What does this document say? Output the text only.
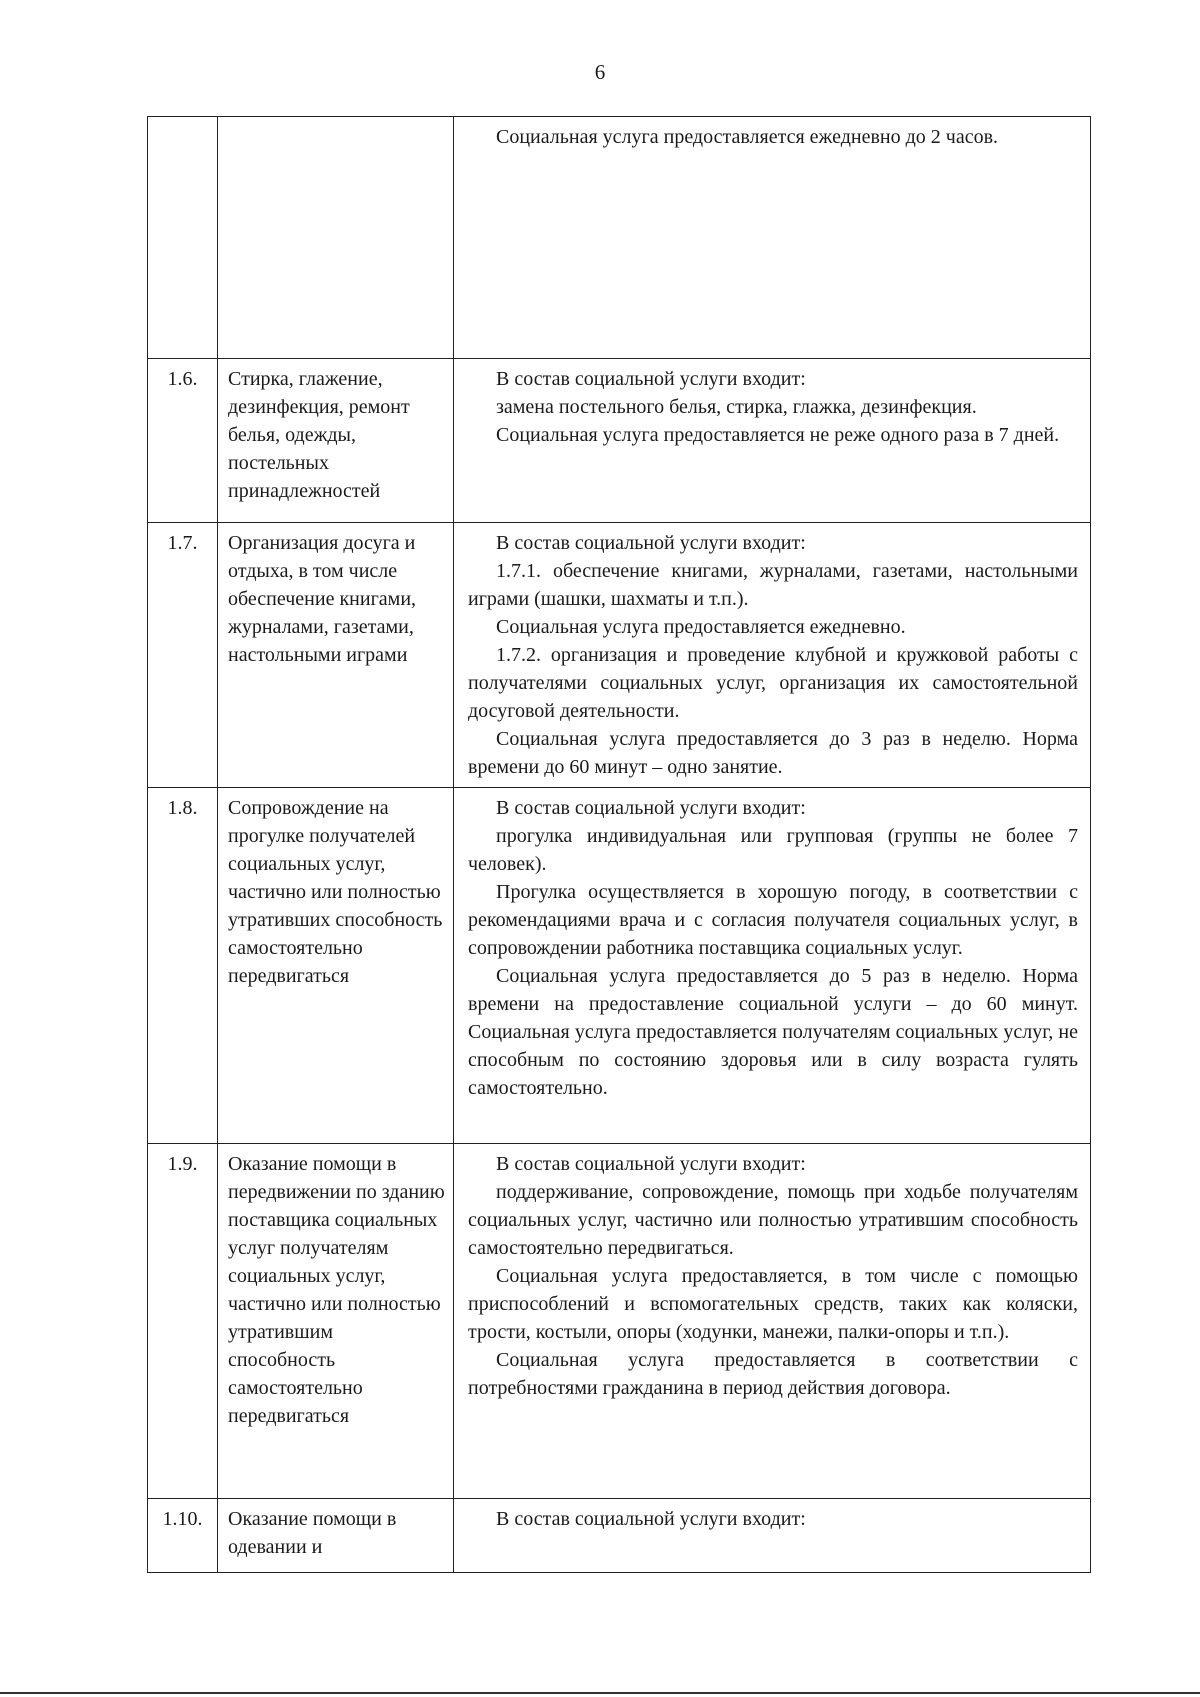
6

		Социальная услуга предоставляется ежедневно до 2 часов.

1.6.	Стирка, глажение, дезинфекция, ремонт белья, одежды, постельных принадлежностей	В состав социальной услуги входит:

замена постельного белья, стирка, глажка, дезинфекция.

Социальная услуга предоставляется не реже одного раза в 7 дней.

1.7.	Организация досуга и отдыха, в том числе обеспечение книгами, журналами, газетами, настольными играми	В состав социальной услуги входит:

1.7.1. обеспечение книгами, журналами, газетами, настольными играми (шашки, шахматы и т.п.).

Социальная услуга предоставляется ежедневно.

1.7.2. организация и проведение клубной и кружковой работы с получателями социальных услуг, организация их самостоятельной досуговой деятельности.

Социальная услуга предоставляется до 3 раз в неделю. Норма времени до 60 минут – одно занятие.

1.8.	Сопровождение на прогулке получателей социальных услуг, частично или полностью утративших способность самостоятельно передвигаться	В состав социальной услуги входит:

прогулка индивидуальная или групповая (группы не более 7 человек).

Прогулка осуществляется в хорошую погоду, в соответствии с рекомендациями врача и с согласия получателя социальных услуг, в сопровождении работника поставщика социальных услуг.

Социальная услуга предоставляется до 5 раз в неделю. Норма времени на предоставление социальной услуги – до 60 минут. Социальная услуга предоставляется получателям социальных услуг, не способным по состоянию здоровья или в силу возраста гулять самостоятельно.

1.9.	Оказание помощи в передвижении по зданию поставщика социальных услуг получателям социальных услуг, частично или полностью утратившим способность самостоятельно передвигаться	В состав социальной услуги входит:

поддерживание, сопровождение, помощь при ходьбе получателям социальных услуг, частично или полностью утратившим способность самостоятельно передвигаться.

Социальная услуга предоставляется, в том числе с помощью приспособлений и вспомогательных средств, таких как коляски, трости, костыли, опоры (ходунки, манежи, палки-опоры и т.п.).

Социальная услуга предоставляется в соответствии с потребностями гражданина в период действия договора.

1.10.	Оказание помощи в одевании и	В состав социальной услуги входит:
